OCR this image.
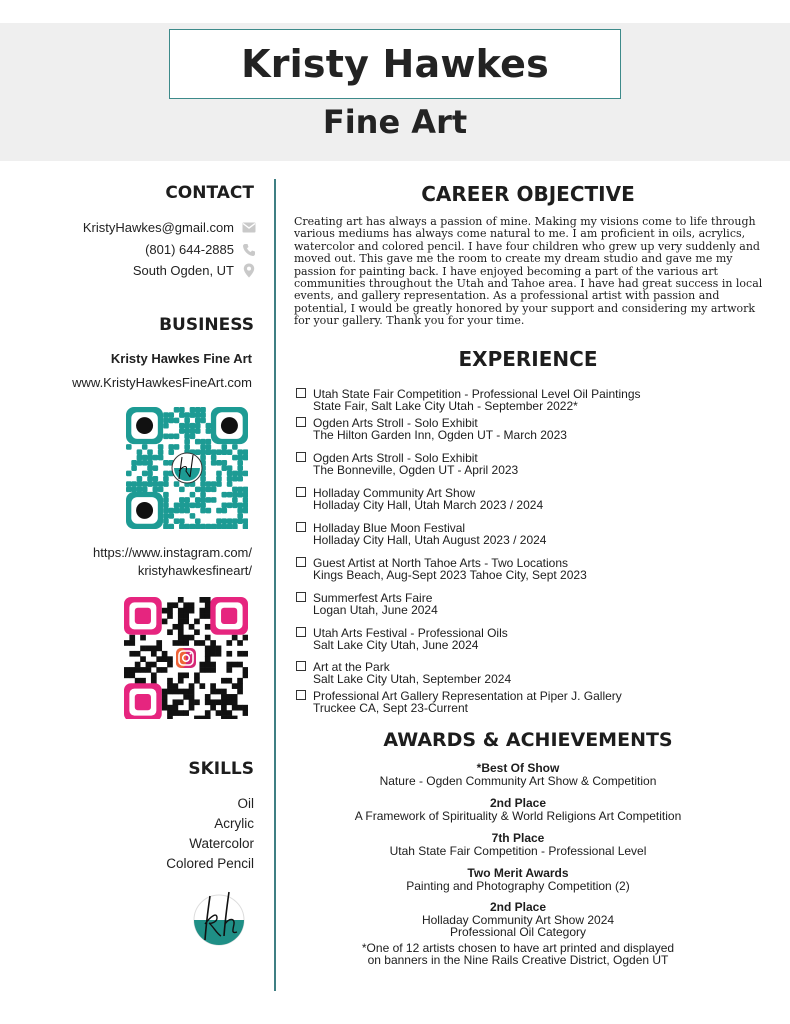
Kristy Hawkes
Fine Art
CONTACT
KristyHawkes@gmail.com
(801) 644-2885
South Ogden, UT
BUSINESS
Kristy Hawkes Fine Art
www.KristyHawkesFineArt.com
https://www.instagram.com/
kristyhawkesfineart/
SKILLS
Oil
Acrylic
Watercolor
Colored Pencil
CAREER OBJECTIVE
Creating art has always a passion of mine. Making my visions come to life through various mediums has always come natural to me. I am proficient in oils, acrylics, watercolor and colored pencil. I have four children who grew up very suddenly and moved out. This gave me the room to create my dream studio and gave me my passion for painting back. I have enjoyed becoming a part of the various art communities throughout the Utah and Tahoe area. I have had great success in local events, and gallery representation. As a professional artist with passion and potential, I would be greatly honored by your support and considering my artwork for your gallery. Thank you for your time.
EXPERIENCE
Utah State Fair Competition - Professional Level Oil Paintings
State Fair, Salt Lake City Utah - September 2022*
Ogden Arts Stroll - Solo Exhibit
The Hilton Garden Inn, Ogden UT - March 2023
Ogden Arts Stroll - Solo Exhibit
The Bonneville, Ogden UT - April 2023
Holladay Community Art Show
Holladay City Hall, Utah March 2023 / 2024
Holladay Blue Moon Festival
Holladay City Hall, Utah August 2023 / 2024
Guest Artist at North Tahoe Arts - Two Locations
Kings Beach, Aug-Sept 2023 Tahoe City, Sept 2023
Summerfest Arts Faire
Logan Utah, June 2024
Utah Arts Festival - Professional Oils
Salt Lake City Utah, June 2024
Art at the Park
Salt Lake City Utah, September 2024
Professional Art Gallery Representation at Piper J. Gallery
Truckee CA, Sept 23-Current
AWARDS & ACHIEVEMENTS
*Best Of Show
Nature - Ogden Community Art Show & Competition
2nd Place
A Framework of Spirituality & World Religions Art Competition
7th Place
Utah State Fair Competition - Professional Level
Two Merit Awards
Painting and Photography Competition (2)
2nd Place
Holladay Community Art Show 2024
Professional Oil Category
*One of 12 artists chosen to have art printed and displayed
on banners in the Nine Rails Creative District, Ogden UT
